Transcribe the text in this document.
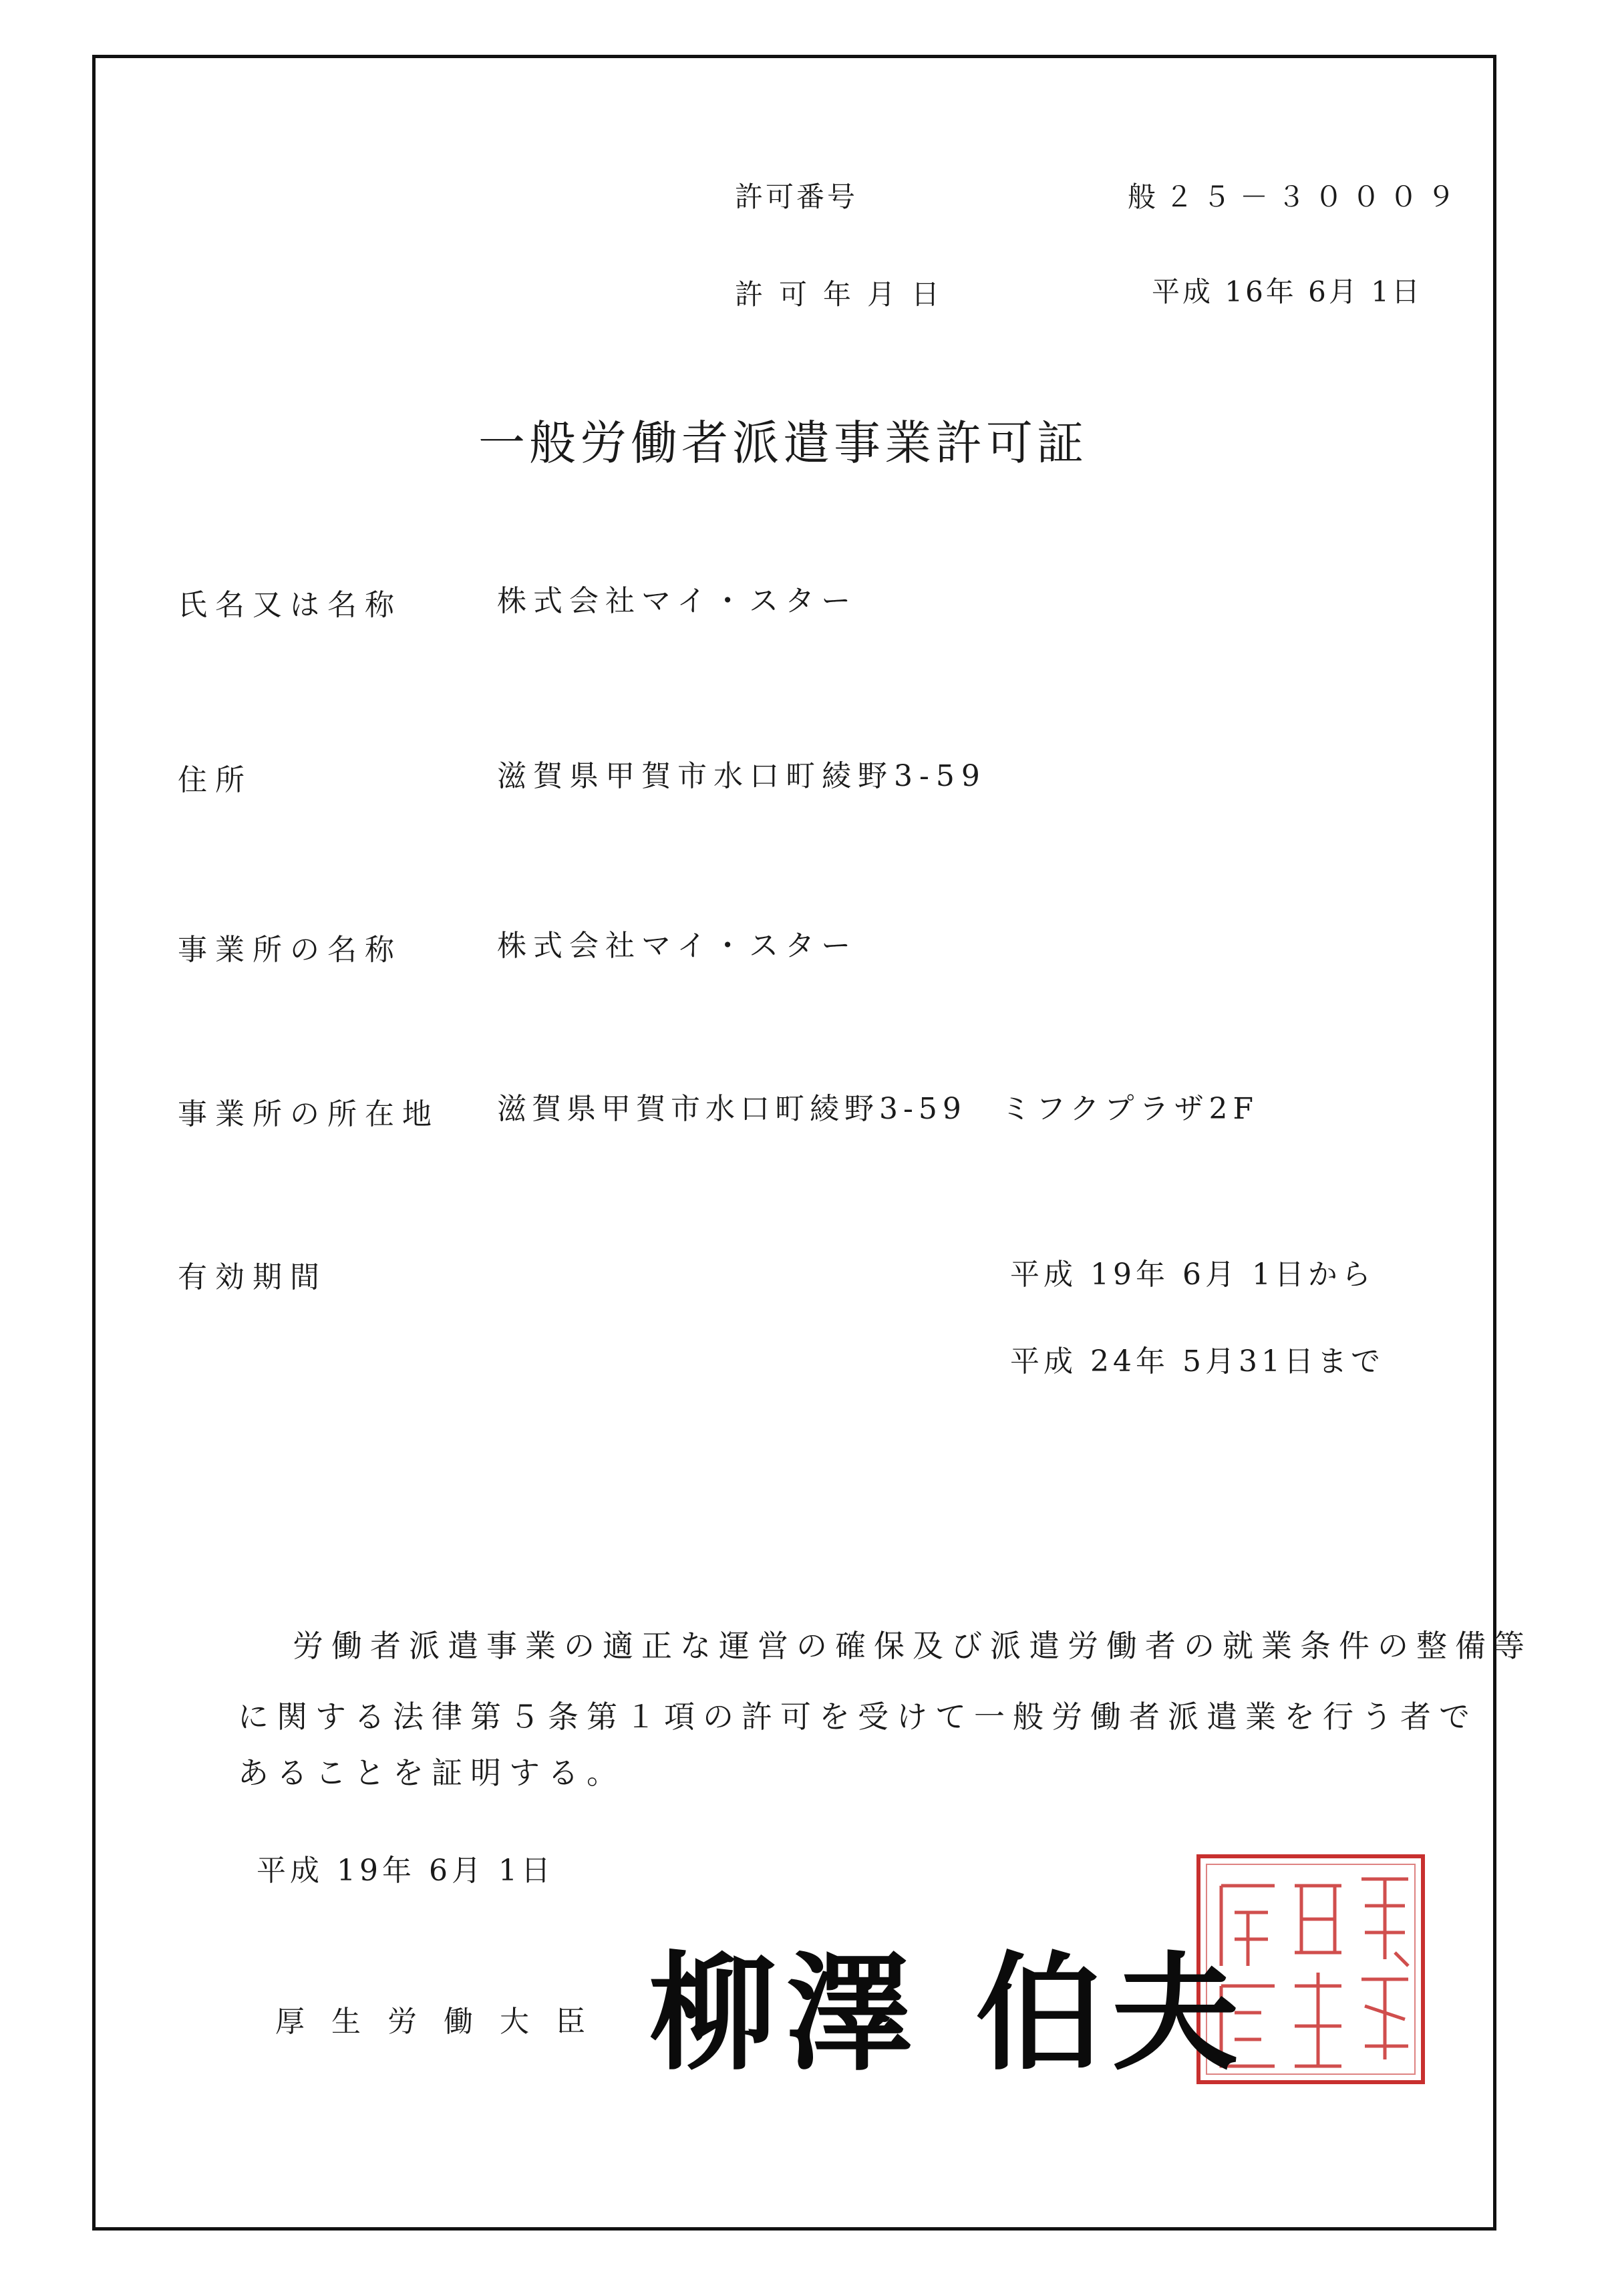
許可番号	般２５－３０００９
許可年月日	平成 16年 6月 1日
一般労働者派遣事業許可証
氏名又は名称	株式会社マイ・スター
住所	滋賀県甲賀市水口町綾野3-59
事業所の名称	株式会社マイ・スター
事業所の所在地 滋賀県甲賀市水口町綾野3-59　ミフクプラザ2F
有効期間	平成 19年 6月 1日から
平成 24年 5月31日まで
労働者派遣事業の適正な運営の確保及び派遣労働者の就業条件の整備等
に関する法律第５条第１項の許可を受けて一般労働者派遣業を行う者で
あることを証明する。
平成 19年 6月 1日
厚生労働大臣 柳澤 伯夫
